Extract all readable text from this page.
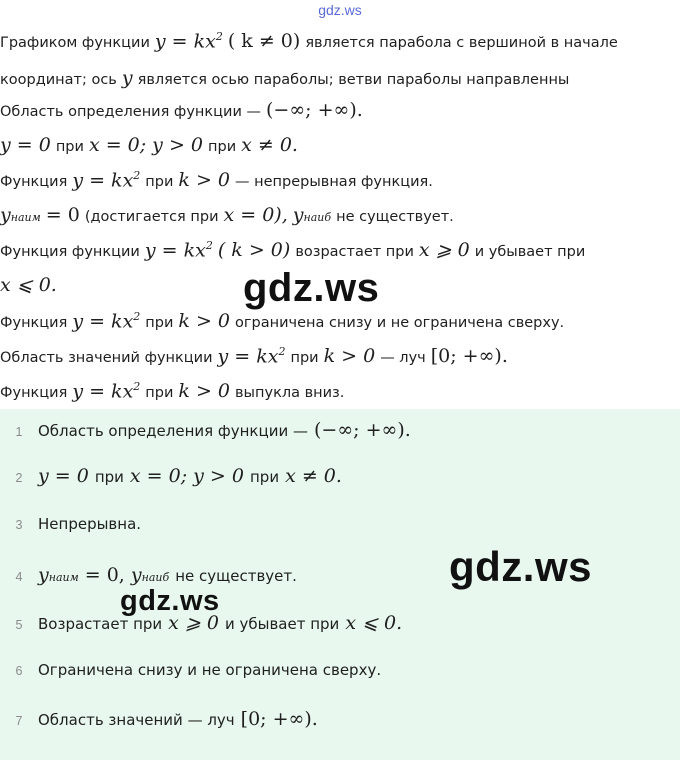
gdz.ws
Графиком функции $y = kx^2$ ( k ≠ 0) является парабола с вершиной в начале
координат; ось y является осью параболы; ветви параболы направленны
Область определения функции — (−∞; +∞).
y = 0 при x = 0; y > 0 при x ≠ 0.
Функция $y = kx^2$ при k > 0 — непрерывная функция.
yнаим = 0 (достигается при x = 0), yнаиб не существует.
Функция функции $y = kx^2$ ( k > 0) возрастает при x ⩾ 0 и убывает при
x ⩽ 0.
Функция $y = kx^2$ при k > 0 ограничена снизу и не ограничена сверху.
Область значений функции $y = kx^2$ при k > 0 — луч [0; +∞).
Функция $y = kx^2$ при k > 0 выпукла вниз.
gdz.ws
1	Область определения функции — (−∞; +∞).
2 y = 0 при x = 0; y > 0 при x ≠ 0.
3	Непрерывна.
4 yнаим = 0, yнаиб не существует.
5	Возрастает при x ⩾ 0 и убывает при x ⩽ 0.
6	Ограничена снизу и не ограничена сверху.
7	Область значений — луч [0; +∞).
gdz.ws
gdz.ws
